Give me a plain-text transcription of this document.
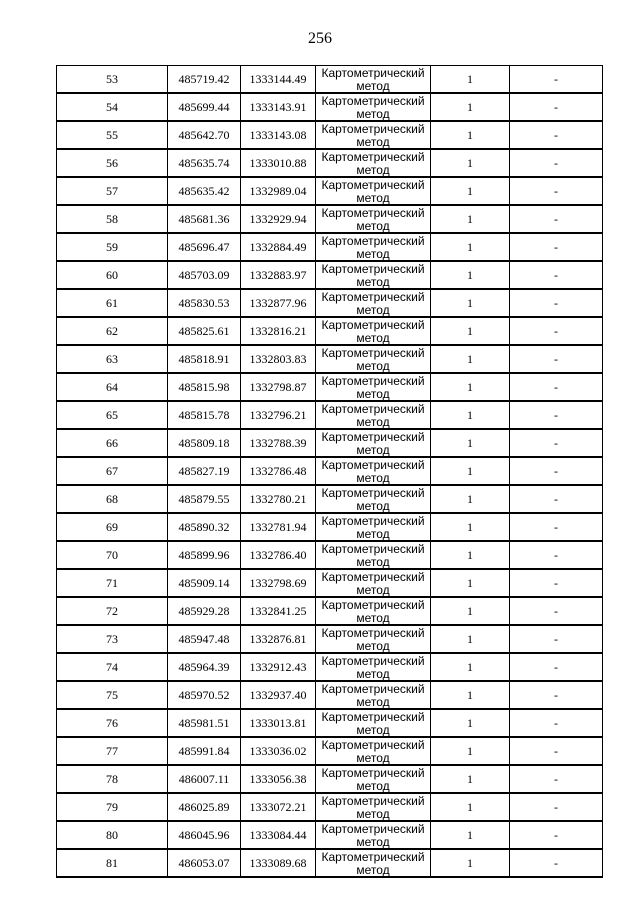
256
53	485719.42	1333144.49	Картометрический метод	1	-
54	485699.44	1333143.91	Картометрический метод	1	-
55	485642.70	1333143.08	Картометрический метод	1	-
56	485635.74	1333010.88	Картометрический метод	1	-
57	485635.42	1332989.04	Картометрический метод	1	-
58	485681.36	1332929.94	Картометрический метод	1	-
59	485696.47	1332884.49	Картометрический метод	1	-
60	485703.09	1332883.97	Картометрический метод	1	-
61	485830.53	1332877.96	Картометрический метод	1	-
62	485825.61	1332816.21	Картометрический метод	1	-
63	485818.91	1332803.83	Картометрический метод	1	-
64	485815.98	1332798.87	Картометрический метод	1	-
65	485815.78	1332796.21	Картометрический метод	1	-
66	485809.18	1332788.39	Картометрический метод	1	-
67	485827.19	1332786.48	Картометрический метод	1	-
68	485879.55	1332780.21	Картометрический метод	1	-
69	485890.32	1332781.94	Картометрический метод	1	-
70	485899.96	1332786.40	Картометрический метод	1	-
71	485909.14	1332798.69	Картометрический метод	1	-
72	485929.28	1332841.25	Картометрический метод	1	-
73	485947.48	1332876.81	Картометрический метод	1	-
74	485964.39	1332912.43	Картометрический метод	1	-
75	485970.52	1332937.40	Картометрический метод	1	-
76	485981.51	1333013.81	Картометрический метод	1	-
77	485991.84	1333036.02	Картометрический метод	1	-
78	486007.11	1333056.38	Картометрический метод	1	-
79	486025.89	1333072.21	Картометрический метод	1	-
80	486045.96	1333084.44	Картометрический метод	1	-
81	486053.07	1333089.68	Картометрический метод	1	-
